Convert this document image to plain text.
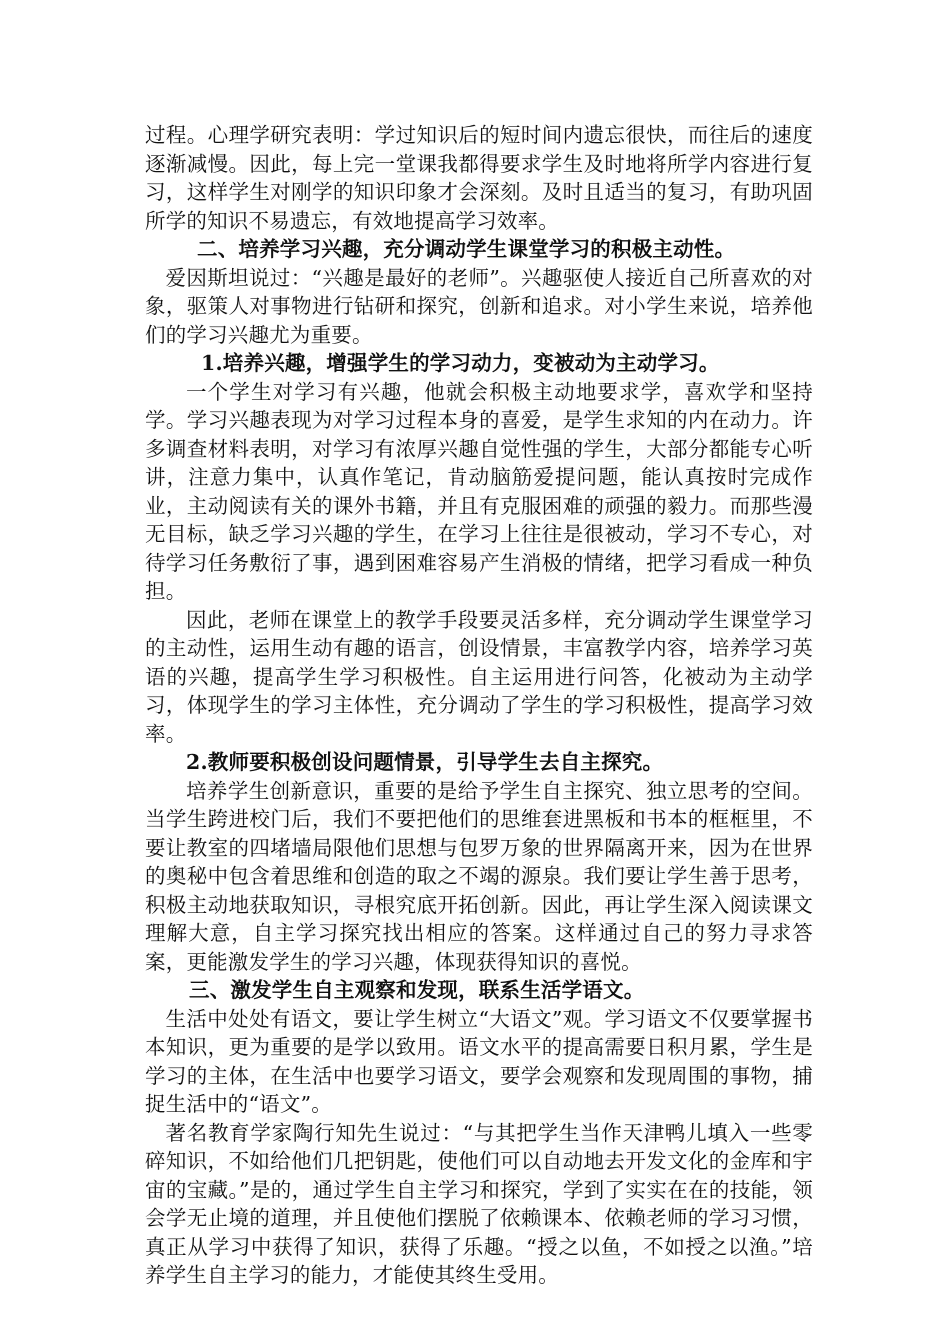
过程。心理学研究表明：学过知识后的短时间内遗忘很快，而往后的速度逐渐减慢。因此，每上完一堂课我都得要求学生及时地将所学内容进行复习，这样学生对刚学的知识印象才会深刻。及时且适当的复习，有助巩固所学的知识不易遗忘，有效地提高学习效率。

二、培养学习兴趣，充分调动学生课堂学习的积极主动性。

爱因斯坦说过：“兴趣是最好的老师”。兴趣驱使人接近自己所喜欢的对象，驱策人对事物进行钻研和探究，创新和追求。对小学生来说，培养他们的学习兴趣尤为重要。

1.培养兴趣，增强学生的学习动力，变被动为主动学习。

一个学生对学习有兴趣，他就会积极主动地要求学，喜欢学和坚持学。学习兴趣表现为对学习过程本身的喜爱，是学生求知的内在动力。许多调查材料表明，对学习有浓厚兴趣自觉性强的学生，大部分都能专心听讲，注意力集中，认真作笔记，肯动脑筋爱提问题，能认真按时完成作业，主动阅读有关的课外书籍，并且有克服困难的顽强的毅力。而那些漫无目标，缺乏学习兴趣的学生，在学习上往往是很被动，学习不专心，对待学习任务敷衍了事，遇到困难容易产生消极的情绪，把学习看成一种负担。

因此，老师在课堂上的教学手段要灵活多样，充分调动学生课堂学习的主动性，运用生动有趣的语言，创设情景，丰富教学内容，培养学习英语的兴趣，提高学生学习积极性。自主运用进行问答，化被动为主动学习，体现学生的学习主体性，充分调动了学生的学习积极性，提高学习效率。

2.教师要积极创设问题情景，引导学生去自主探究。

培养学生创新意识，重要的是给予学生自主探究、独立思考的空间。当学生跨进校门后，我们不要把他们的思维套进黑板和书本的框框里，不要让教室的四堵墙局限他们思想与包罗万象的世界隔离开来，因为在世界的奥秘中包含着思维和创造的取之不竭的源泉。我们要让学生善于思考，积极主动地获取知识，寻根究底开拓创新。因此，再让学生深入阅读课文理解大意，自主学习探究找出相应的答案。这样通过自己的努力寻求答案，更能激发学生的学习兴趣，体现获得知识的喜悦。

三、激发学生自主观察和发现，联系生活学语文。

生活中处处有语文，要让学生树立“大语文”观。学习语文不仅要掌握书本知识，更为重要的是学以致用。语文水平的提高需要日积月累，学生是学习的主体，在生活中也要学习语文，要学会观察和发现周围的事物，捕捉生活中的“语文”。

著名教育学家陶行知先生说过：“与其把学生当作天津鸭儿填入一些零碎知识，不如给他们几把钥匙，使他们可以自动地去开发文化的金库和宇宙的宝藏。”是的，通过学生自主学习和探究，学到了实实在在的技能，领会学无止境的道理，并且使他们摆脱了依赖课本、依赖老师的学习习惯，真正从学习中获得了知识，获得了乐趣。“授之以鱼，不如授之以渔。”培养学生自主学习的能力，才能使其终生受用。
